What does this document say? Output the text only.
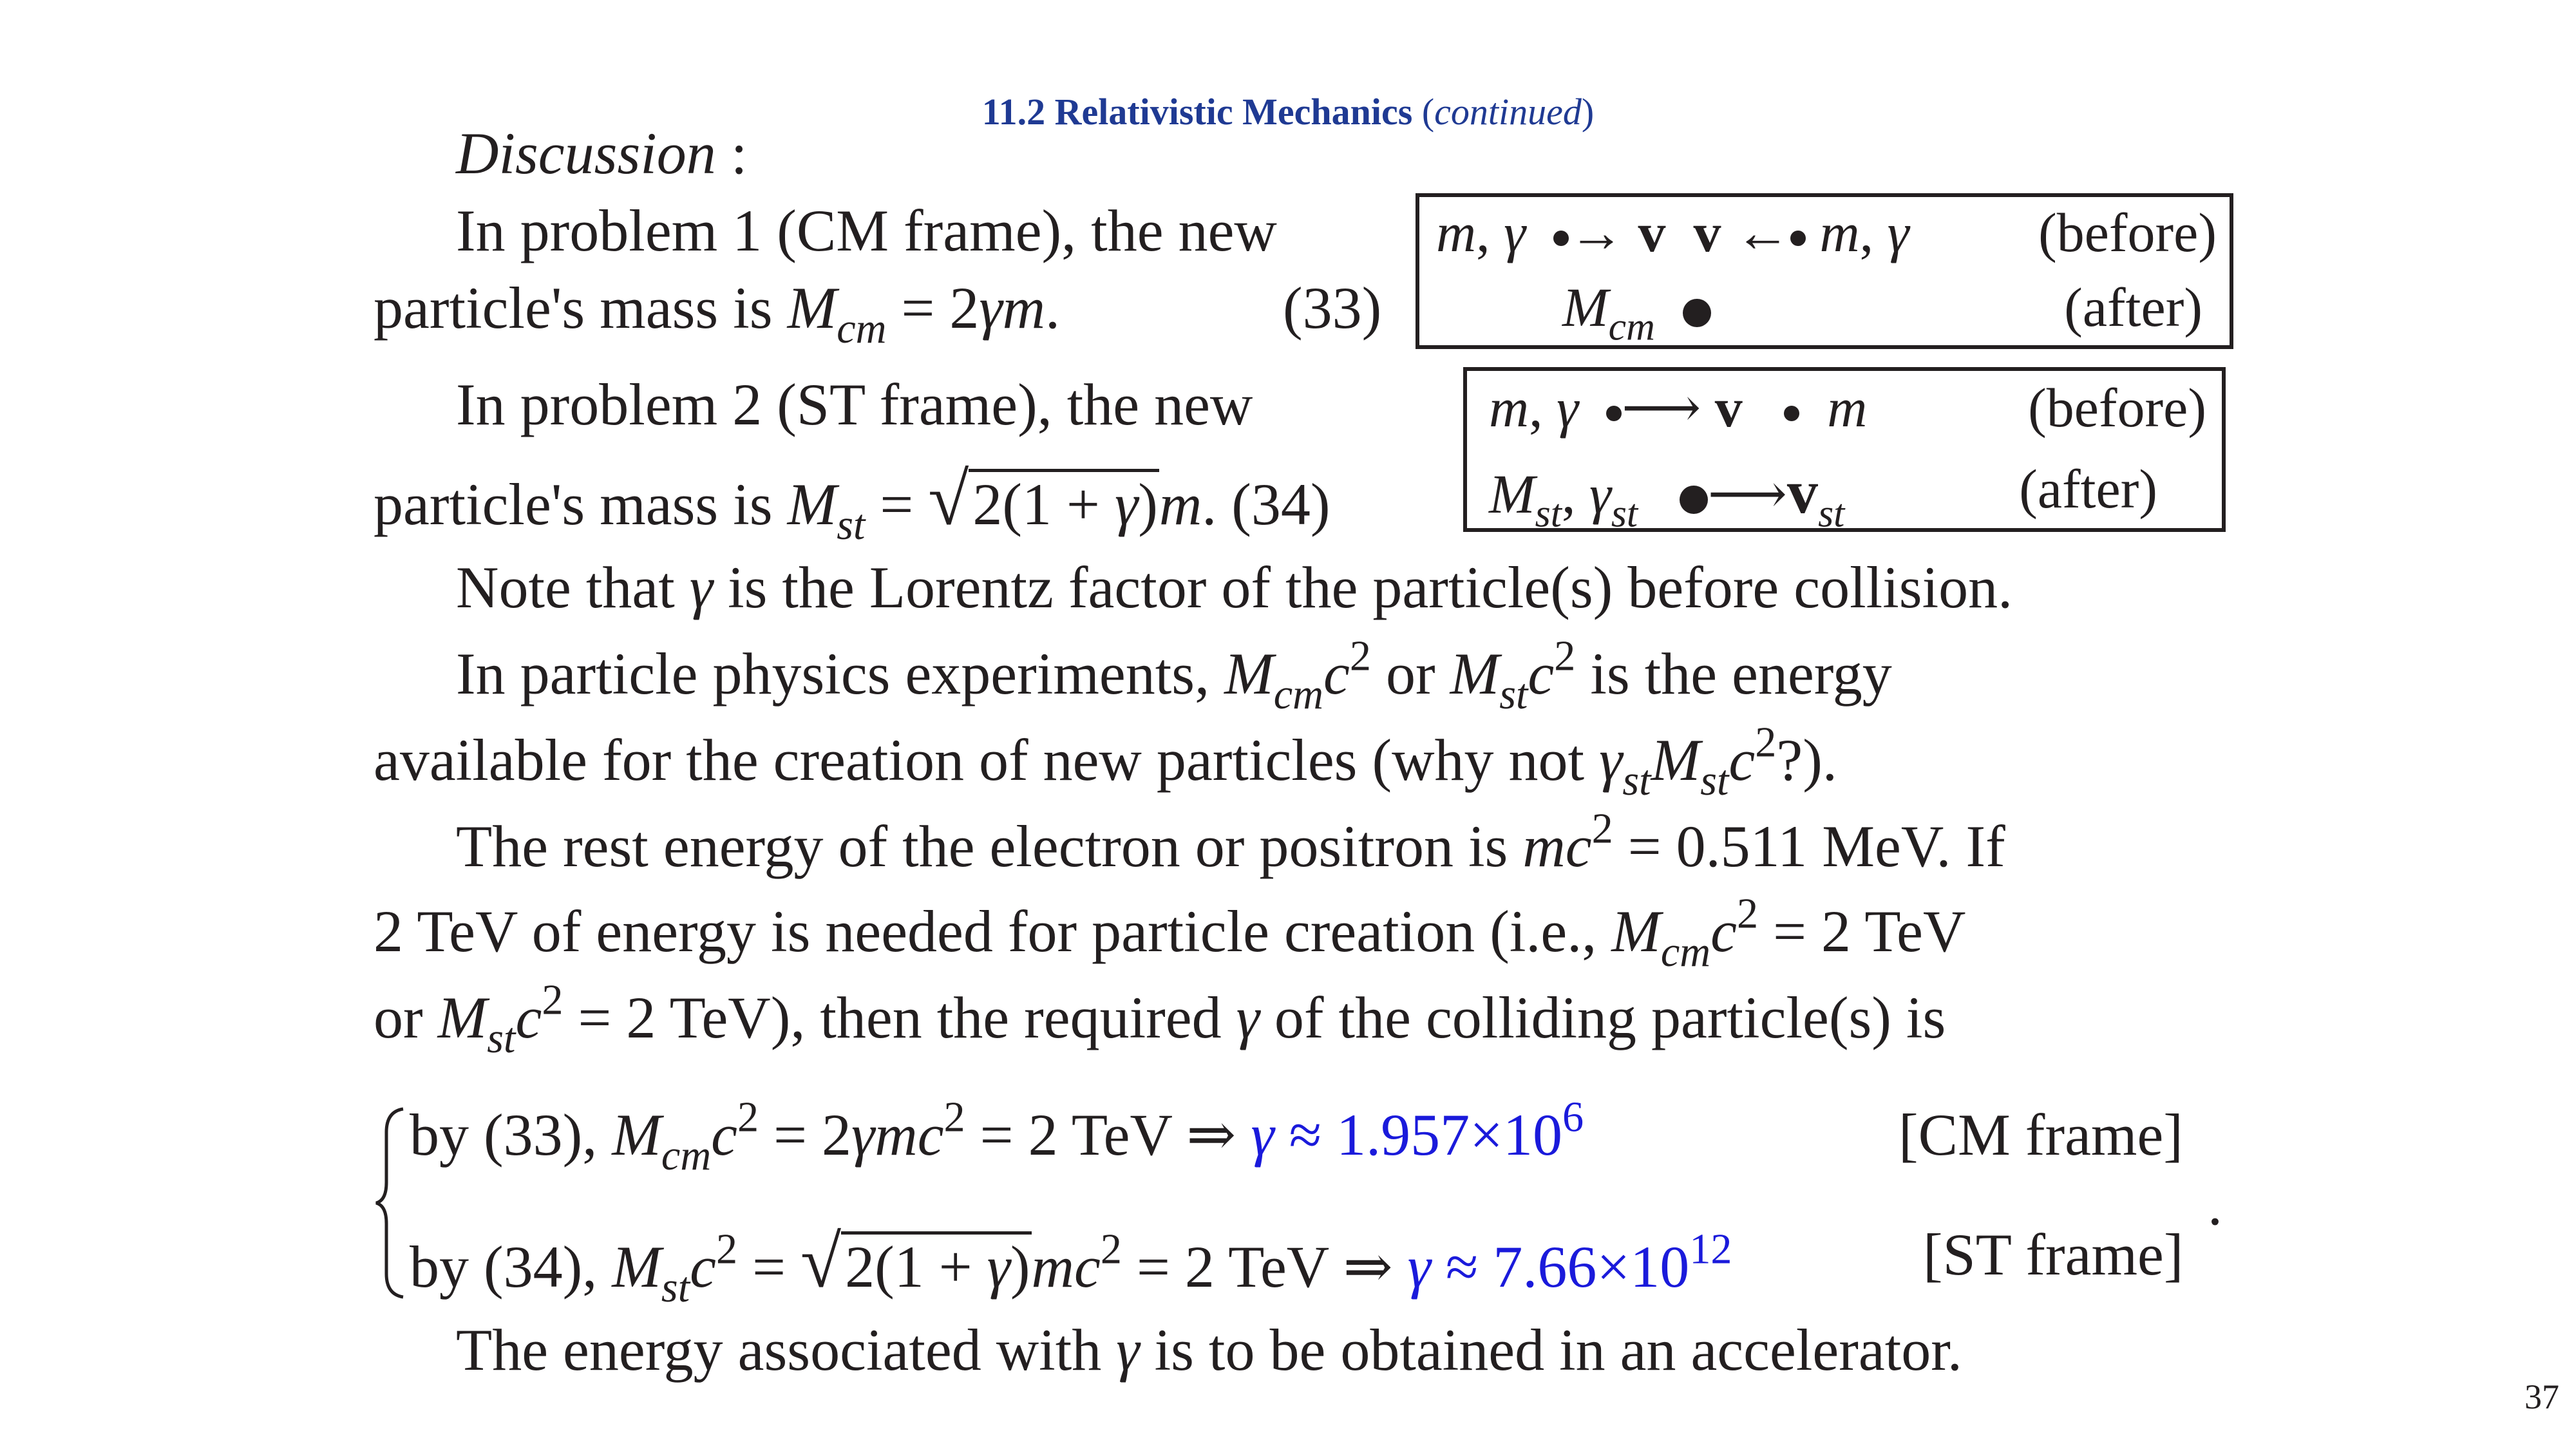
11.2 Relativistic Mechanics (continued)
Discussion :
In problem 1 (CM frame), the new
particle's mass is $M_{cm} = 2\gamma m$.	(33)
m, γ → v v ← m, γ (before)
$M_{cm}$	(after)
In problem 2 (ST frame), the new
particle's mass is $M_{st} = √2(1 + \gamma)m$. (34)
m, γ ⟶ v m	(before)
$M_{st}$, $\gamma_{st}$ $⟶v_{st}$	(after)
Note that γ is the Lorentz factor of the particle(s) before collision.
In particle physics experiments, $M_{cm}c^2$ or $M_{st}c^2$ is the energy
available for the creation of new particles (why not $\gamma_{st}M_{st}c^2$?).
The rest energy of the electron or positron is $mc^2 = 0.511$ MeV. If
2 TeV of energy is needed for particle creation (i.e., $M_{cm}c^2 = 2$ TeV
or $M_{st}c^2 = 2$ TeV), then the required γ of the colliding particle(s) is
by (33), $M_{cm}c^2 = 2\gamma mc^2 = 2$ TeV ⇒ $\gamma \approx 1.957\times 10^6$	[CM frame]
by (34), $M_{st}c^2 = √2(1 + \gamma)mc^2 = 2$ TeV ⇒ $\gamma \approx 7.66\times 10^{12}$	[ST frame]
.
The energy associated with γ is to be obtained in an accelerator.
37
